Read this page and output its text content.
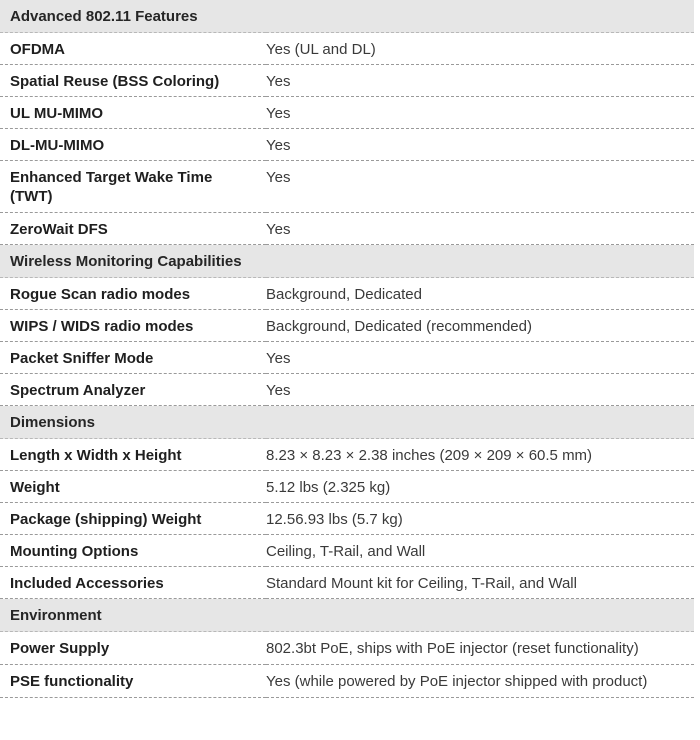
Advanced 802.11 Features	
OFDMA	Yes (UL and DL)
Spatial Reuse (BSS Coloring)	Yes
UL MU-MIMO	Yes
DL-MU-MIMO	Yes
Enhanced Target Wake Time (TWT)	Yes
ZeroWait DFS	Yes
Wireless Monitoring Capabilities	
Rogue Scan radio modes	Background, Dedicated
WIPS / WIDS radio modes	Background, Dedicated (recommended)
Packet Sniffer Mode	Yes
Spectrum Analyzer	Yes
Dimensions	
Length x Width x Height	8.23 × 8.23 × 2.38 inches (209 × 209 × 60.5 mm)
Weight	5.12 lbs (2.325 kg)
Package (shipping) Weight	12.56.93 lbs (5.7 kg)
Mounting Options	Ceiling, T-Rail, and Wall
Included Accessories	Standard Mount kit for Ceiling, T-Rail, and Wall
Environment	
Power Supply	802.3bt PoE, ships with PoE injector (reset functionality)
PSE functionality	Yes (while powered by PoE injector shipped with product)
